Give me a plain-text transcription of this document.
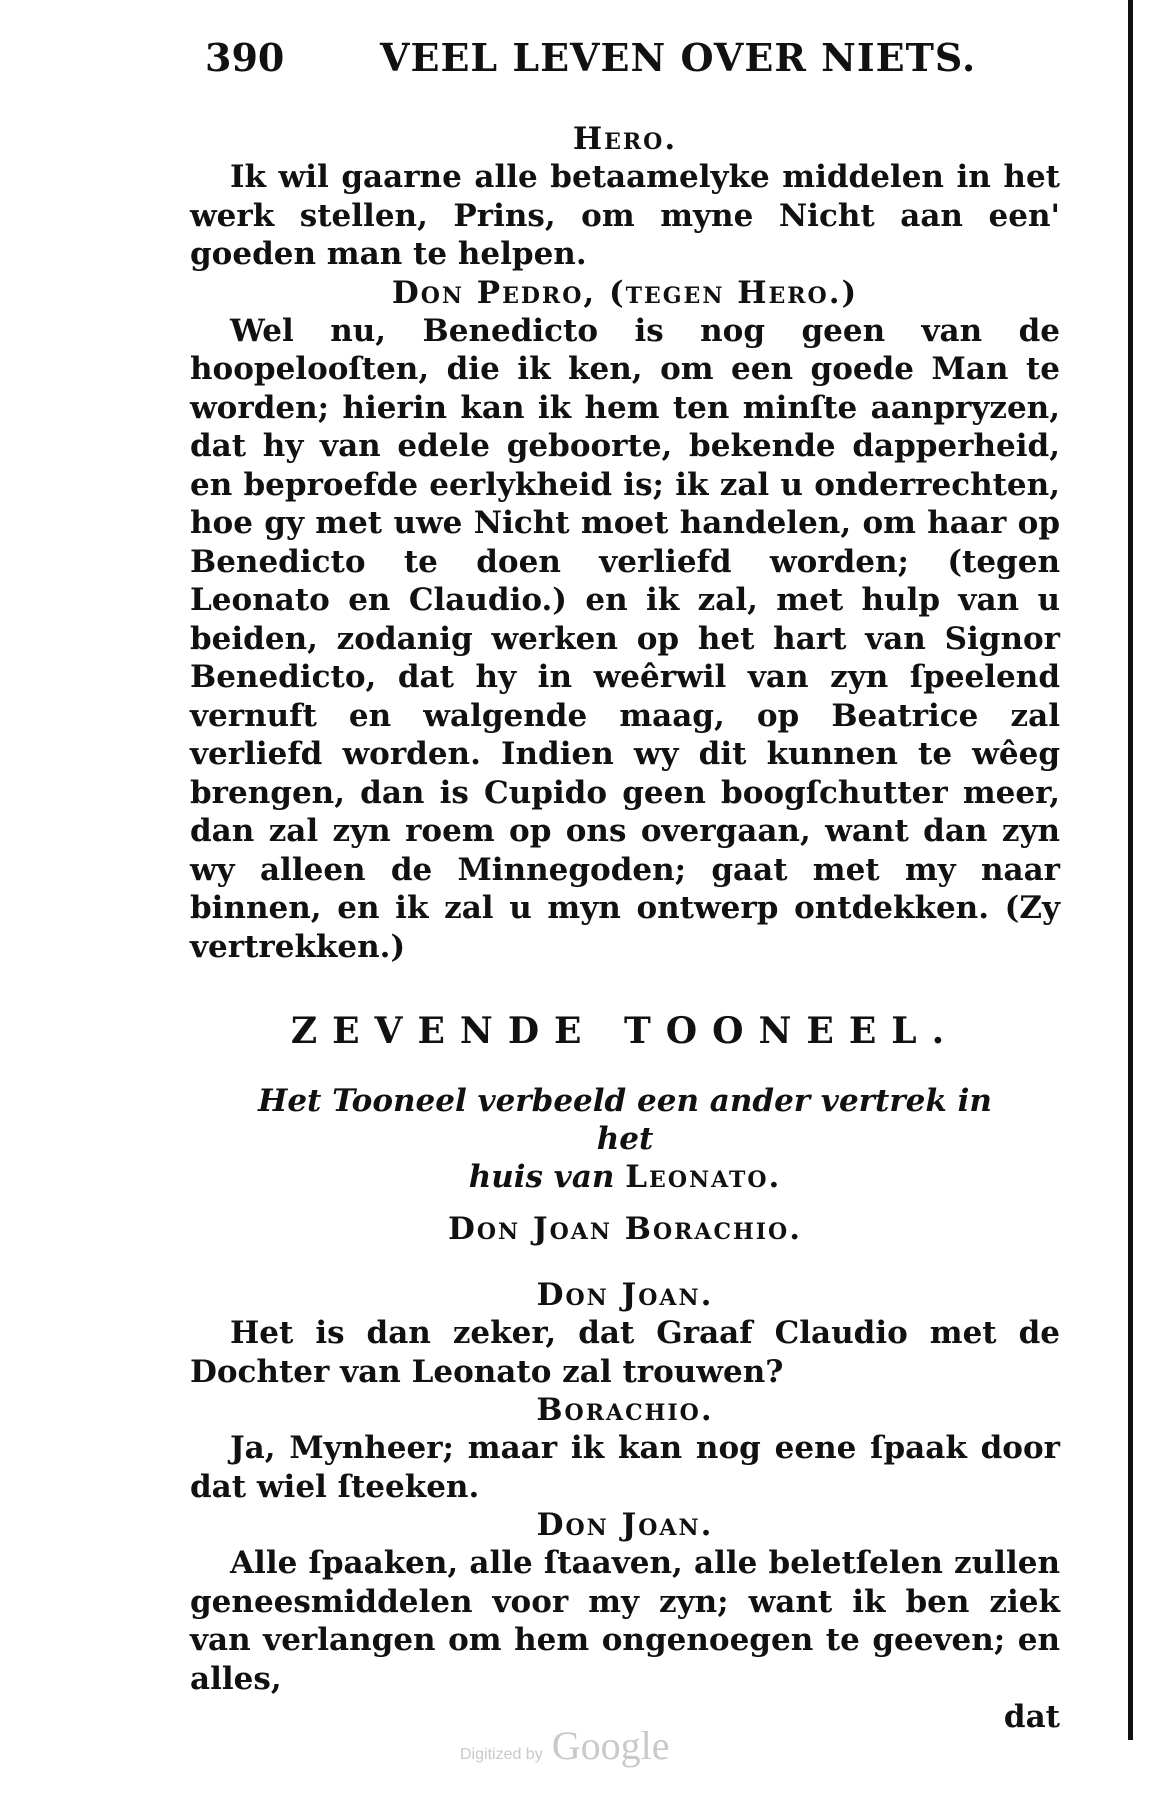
390	VEEL LEVEN OVER NIETS.
Hero.

Ik wil gaarne alle betaamelyke middelen in het werk stellen, Prins, om myne Nicht aan een' goeden man te helpen.

Don Pedro, (tegen Hero.)

Wel nu, Benedicto is nog geen van de hoopelooſten, die ik ken, om een goede Man te worden; hierin kan ik hem ten minſte aanpryzen, dat hy van edele geboorte, bekende dapperheid, en beproefde eerlykheid is; ik zal u onderrechten, hoe gy met uwe Nicht moet handelen, om haar op Benedicto te doen verliefd worden; (tegen Leonato en Claudio.) en ik zal, met hulp van u beiden, zodanig werken op het hart van Signor Benedicto, dat hy in weêrwil van zyn ſpeelend vernuft en walgende maag, op Beatrice zal verliefd worden. Indien wy dit kunnen te wêeg brengen, dan is Cupido geen boogſchutter meer, dan zal zyn roem op ons overgaan, want dan zyn wy alleen de Minnegoden; gaat met my naar binnen, en ik zal u myn ontwerp ontdekken. (Zy vertrekken.)

ZEVENDE TOONEEL.
Het Tooneel verbeeld een ander vertrek in het
huis van Leonato.
Don Joan Borachio.
Don Joan.

Het is dan zeker, dat Graaf Claudio met de Dochter van Leonato zal trouwen?

Borachio.

Ja, Mynheer; maar ik kan nog eene ſpaak door dat wiel ſteeken.

Don Joan.

Alle ſpaaken, alle ſtaaven, alle beletſelen zullen geneesmiddelen voor my zyn; want ik ben ziek van verlangen om hem ongenoegen te geeven; en alles,

dat
Digitized by Google
